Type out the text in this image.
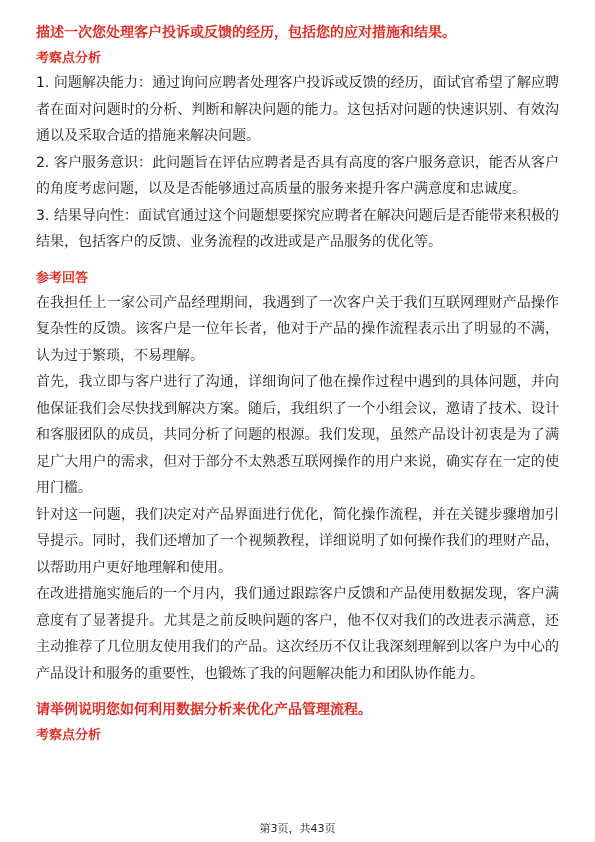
描述一次您处理客户投诉或反馈的经历，包括您的应对措施和结果。

考察点分析

1. 问题解决能力：通过询问应聘者处理客户投诉或反馈的经历，面试官希望了解应聘者在面对问题时的分析、判断和解决问题的能力。这包括对问题的快速识别、有效沟通以及采取合适的措施来解决问题。

2. 客户服务意识：此问题旨在评估应聘者是否具有高度的客户服务意识，能否从客户的角度考虑问题，以及是否能够通过高质量的服务来提升客户满意度和忠诚度。

3. 结果导向性：面试官通过这个问题想要探究应聘者在解决问题后是否能带来积极的结果，包括客户的反馈、业务流程的改进或是产品服务的优化等。

参考回答

在我担任上一家公司产品经理期间，我遇到了一次客户关于我们互联网理财产品操作复杂性的反馈。该客户是一位年长者，他对于产品的操作流程表示出了明显的不满，认为过于繁琐，不易理解。

首先，我立即与客户进行了沟通，详细询问了他在操作过程中遇到的具体问题，并向他保证我们会尽快找到解决方案。随后，我组织了一个小组会议，邀请了技术、设计和客服团队的成员，共同分析了问题的根源。我们发现，虽然产品设计初衷是为了满足广大用户的需求，但对于部分不太熟悉互联网操作的用户来说，确实存在一定的使用门槛。

针对这一问题，我们决定对产品界面进行优化，简化操作流程，并在关键步骤增加引导提示。同时，我们还增加了一个视频教程，详细说明了如何操作我们的理财产品，以帮助用户更好地理解和使用。

在改进措施实施后的一个月内，我们通过跟踪客户反馈和产品使用数据发现，客户满意度有了显著提升。尤其是之前反映问题的客户，他不仅对我们的改进表示满意，还主动推荐了几位朋友使用我们的产品。这次经历不仅让我深刻理解到以客户为中心的产品设计和服务的重要性，也锻炼了我的问题解决能力和团队协作能力。

请举例说明您如何利用数据分析来优化产品管理流程。

考察点分析
第3页，共43页
